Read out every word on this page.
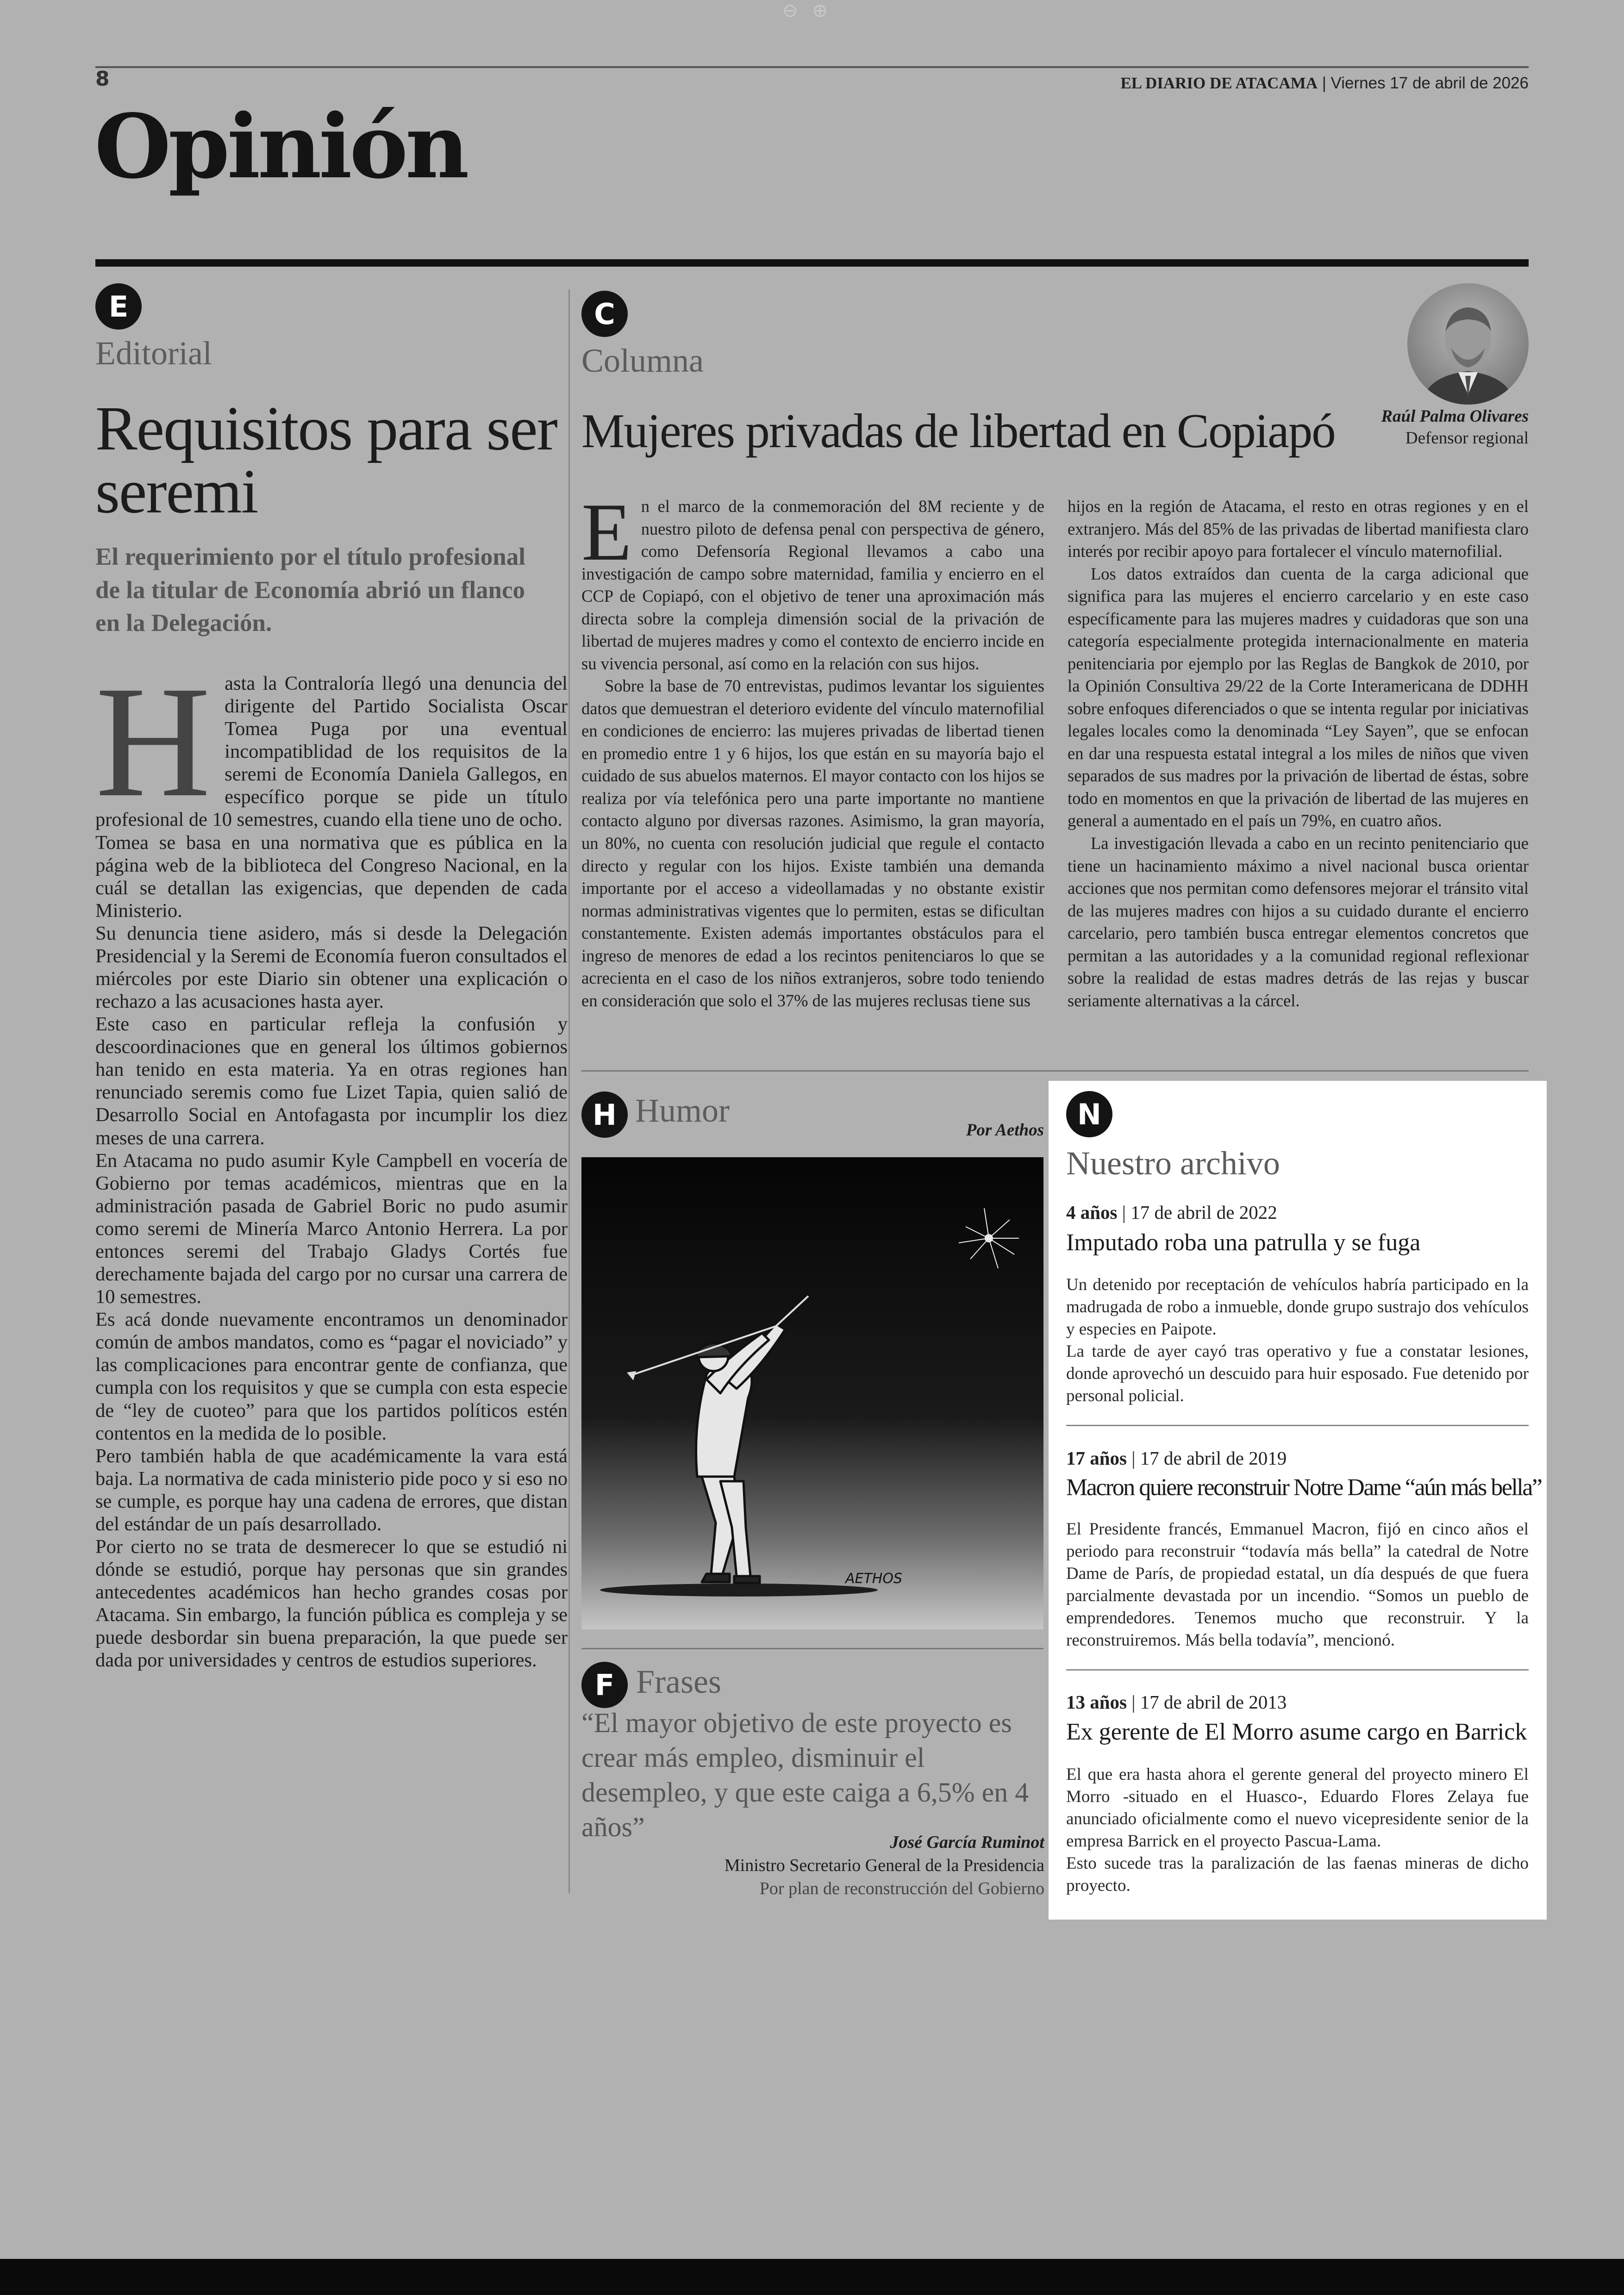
⊖ ⊕
8	EL DIARIO DE ATACAMA | Viernes 17 de abril de 2026
Opinión
E
Editorial
Requisitos para ser seremi
El requerimiento por el título profesional de la titular de Economía abrió un flanco en la Delegación.

Hasta la Contraloría llegó una denuncia del dirigente del Partido Socialista Oscar Tomea Puga por una eventual incompatiblidad de los requisitos de la seremi de Economía Daniela Gallegos, en específico porque se pide un título profesional de 10 semestres, cuando ella tiene uno de ocho.

Tomea se basa en una normativa que es pública en la página web de la biblioteca del Congreso Nacional, en la cuál se detallan las exigencias, que dependen de cada Ministerio.

Su denuncia tiene asidero, más si desde la Delegación Presidencial y la Seremi de Economía fueron consultados el miércoles por este Diario sin obtener una explicación o rechazo a las acusaciones hasta ayer.

Este caso en particular refleja la confusión y descoordinaciones que en general los últimos gobiernos han tenido en esta materia. Ya en otras regiones han renunciado seremis como fue Lizet Tapia, quien salió de Desarrollo Social en Antofagasta por incumplir los diez meses de una carrera.

En Atacama no pudo asumir Kyle Campbell en vocería de Gobierno por temas académicos, mientras que en la administración pasada de Gabriel Boric no pudo asumir como seremi de Minería Marco Antonio Herrera. La por entonces seremi del Trabajo Gladys Cortés fue derechamente bajada del cargo por no cursar una carrera de 10 semestres.

Es acá donde nuevamente encontramos un denominador común de ambos mandatos, como es “pagar el noviciado” y las complicaciones para encontrar gente de confianza, que cumpla con los requisitos y que se cumpla con esta especie de “ley de cuoteo” para que los partidos políticos estén contentos en la medida de lo posible.

Pero también habla de que académicamente la vara está baja. La normativa de cada ministerio pide poco y si eso no se cumple, es porque hay una cadena de errores, que distan del estándar de un país desarrollado.

Por cierto no se trata de desmerecer lo que se estudió ni dónde se estudió, porque hay personas que sin grandes antecedentes académicos han hecho grandes cosas por Atacama. Sin embargo, la función pública es compleja y se puede desbordar sin buena preparación, la que puede ser dada por universidades y centros de estudios superiores.

C
Columna
Mujeres privadas de libertad en Copiapó	Raúl Palma Olivares
Defensor regional

En el marco de la conmemoración del 8M reciente y de nuestro piloto de defensa penal con perspectiva de género, como Defensoría Regional llevamos a cabo una investigación de campo sobre maternidad, familia y encierro en el CCP de Copiapó, con el objetivo de tener una aproximación más directa sobre la compleja dimensión social de la privación de libertad de mujeres madres y como el contexto de encierro incide en su vivencia personal, así como en la relación con sus hijos.

Sobre la base de 70 entrevistas, pudimos levantar los siguientes datos que demuestran el deterioro evidente del vínculo maternofilial en condiciones de encierro: las mujeres privadas de libertad tienen en promedio entre 1 y 6 hijos, los que están en su mayoría bajo el cuidado de sus abuelos maternos. El mayor contacto con los hijos se realiza por vía telefónica pero una parte importante no mantiene contacto alguno por diversas razones. Asimismo, la gran mayoría, un 80%, no cuenta con resolución judicial que regule el contacto directo y regular con los hijos. Existe también una demanda importante por el acceso a videollamadas y no obstante existir normas administrativas vigentes que lo permiten, estas se dificultan constantemente. Existen además importantes obstáculos para el ingreso de menores de edad a los recintos penitenciaros lo que se acrecienta en el caso de los niños extranjeros, sobre todo teniendo en consideración que solo el 37% de las mujeres reclusas tiene sus

hijos en la región de Atacama, el resto en otras regiones y en el extranjero. Más del 85% de las privadas de libertad manifiesta claro interés por recibir apoyo para fortalecer el vínculo maternofilial.

Los datos extraídos dan cuenta de la carga adicional que significa para las mujeres el encierro carcelario y en este caso específicamente para las mujeres madres y cuidadoras que son una categoría especialmente protegida internacionalmente en materia penitenciaria por ejemplo por las Reglas de Bangkok de 2010, por la Opinión Consultiva 29/22 de la Corte Interamericana de DDHH sobre enfoques diferenciados o que se intenta regular por iniciativas legales locales como la denominada “Ley Sayen”, que se enfocan en dar una respuesta estatal integral a los miles de niños que viven separados de sus madres por la privación de libertad de éstas, sobre todo en momentos en que la privación de libertad de las mujeres en general a aumentado en el país un 79%, en cuatro años.

La investigación llevada a cabo en un recinto penitenciario que tiene un hacinamiento máximo a nivel nacional busca orientar acciones que nos permitan como defensores mejorar el tránsito vital de las mujeres madres con hijos a su cuidado durante el encierro carcelario, pero también busca entregar elementos concretos que permitan a las autoridades y a la comunidad regional reflexionar sobre la realidad de estas madres detrás de las rejas y buscar seriamente alternativas a la cárcel.

H Humor
Por Aethos
AETHOS
F Frases
“El mayor objetivo de este proyecto es crear más empleo, disminuir el desempleo, y que este caiga a 6,5% en 4 años”	José García Ruminot
Ministro Secretario General de la Presidencia
Por plan de reconstrucción del Gobierno
N
Nuestro archivo
4 años | 17 de abril de 2022
Imputado roba una patrulla y se fuga

Un detenido por receptación de vehículos habría participado en la madrugada de robo a inmueble, donde grupo sustrajo dos vehículos y especies en Paipote.

La tarde de ayer cayó tras operativo y fue a constatar lesiones, donde aprovechó un descuido para huir esposado. Fue detenido por personal policial.

17 años | 17 de abril de 2019
Macron quiere reconstruir Notre Dame “aún más bella”

El Presidente francés, Emmanuel Macron, fijó en cinco años el periodo para reconstruir “todavía más bella” la catedral de Notre Dame de París, de propiedad estatal, un día después de que fuera parcialmente devastada por un incendio. “Somos un pueblo de emprendedores. Tenemos mucho que reconstruir. Y la reconstruiremos. Más bella todavía”, mencionó.

13 años | 17 de abril de 2013
Ex gerente de El Morro asume cargo en Barrick

El que era hasta ahora el gerente general del proyecto minero El Morro -situado en el Huasco-, Eduardo Flores Zelaya fue anunciado oficialmente como el nuevo vicepresidente senior de la empresa Barrick en el proyecto Pascua-Lama.

Esto sucede tras la paralización de las faenas mineras de dicho proyecto.
